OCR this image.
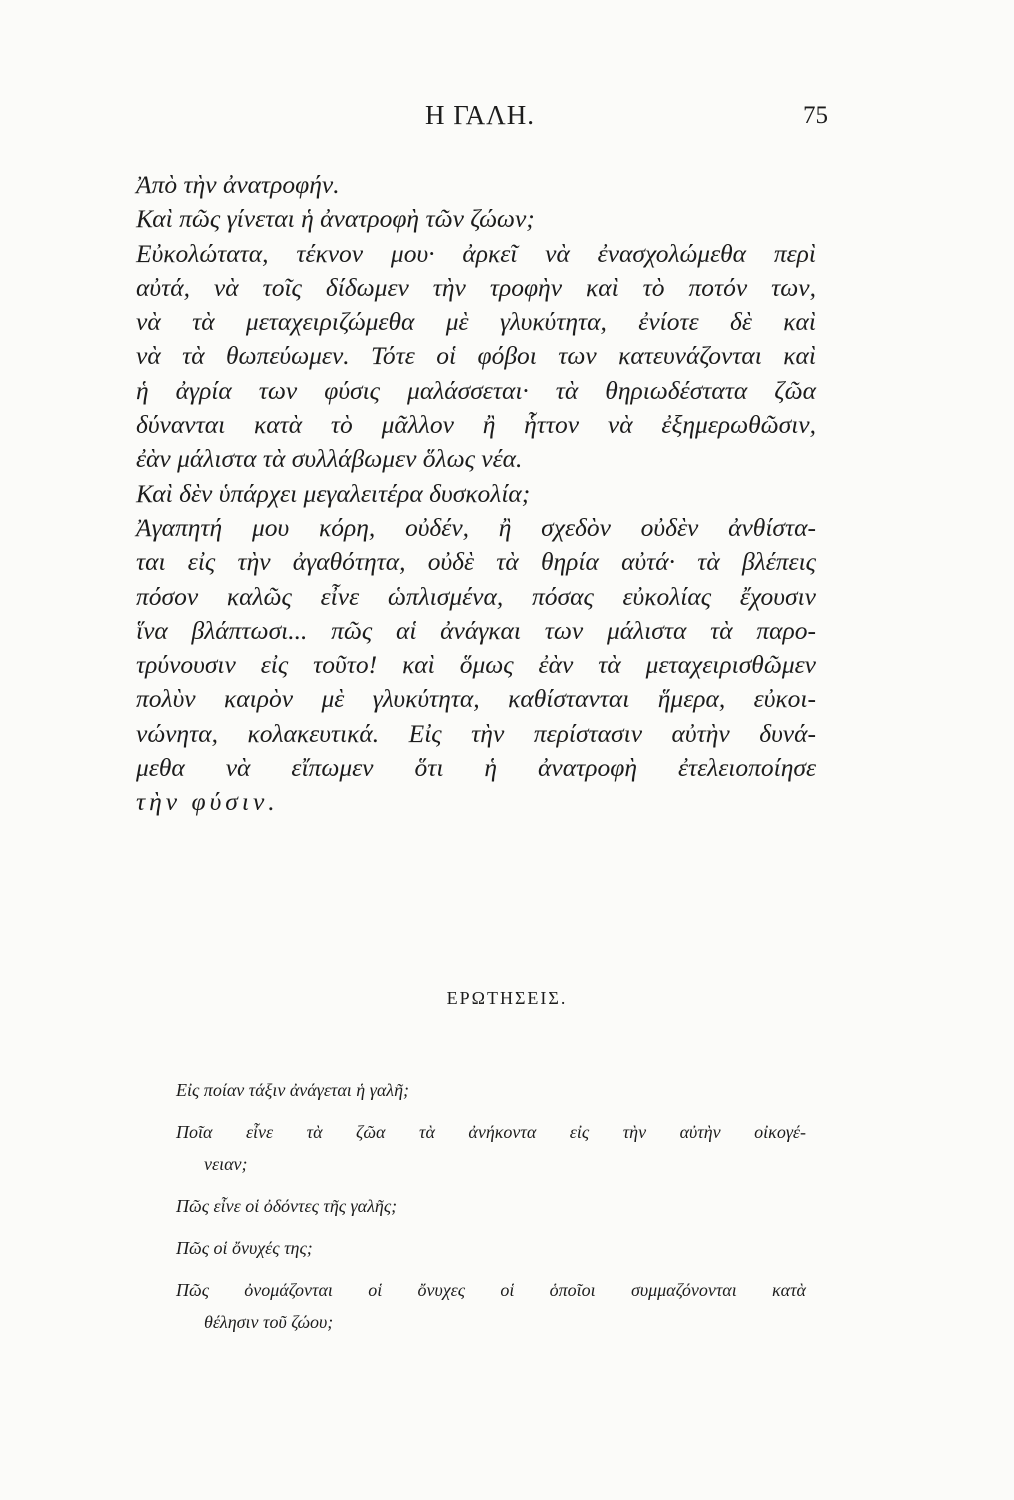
Η ΓΑΛΗ.	75
Ἀπὸ τὴν ἀνατροφήν.
Καὶ πῶς γίνεται ἡ ἀνατροφὴ τῶν ζώων;
Εὐκολώτατα, τέκνον μου· ἀρκεῖ νὰ ἐνασχολώμεθα περὶ
αὐτά, νὰ τοῖς δίδωμεν τὴν τροφὴν καὶ τὸ ποτόν των,
νὰ τὰ μεταχειριζώμεθα μὲ γλυκύτητα, ἐνίοτε δὲ καὶ
νὰ τὰ θωπεύωμεν. Τότε οἱ φόβοι των κατευνάζονται καὶ
ἡ ἀγρία των φύσις μαλάσσεται· τὰ θηριωδέστατα ζῶα
δύνανται κατὰ τὸ μᾶλλον ἢ ἧττον νὰ ἐξημερωθῶσιν,
ἐὰν μάλιστα τὰ συλλάβωμεν ὅλως νέα.
Καὶ δὲν ὑπάρχει μεγαλειτέρα δυσκολία;
Ἀγαπητή μου κόρη, οὐδέν, ἢ σχεδὸν οὐδὲν ἀνθίστα-
ται εἰς τὴν ἀγαθότητα, οὐδὲ τὰ θηρία αὐτά· τὰ βλέπεις
πόσον καλῶς εἶνε ὡπλισμένα, πόσας εὐκολίας ἔχουσιν
ἵνα βλάπτωσι... πῶς αἱ ἀνάγκαι των μάλιστα τὰ παρο-
τρύνουσιν εἰς τοῦτο! καὶ ὅμως ἐὰν τὰ μεταχειρισθῶμεν
πολὺν καιρὸν μὲ γλυκύτητα, καθίστανται ἥμερα, εὐκοι-
νώνητα, κολακευτικά. Εἰς τὴν περίστασιν αὐτὴν δυνά-
μεθα νὰ εἴπωμεν ὅτι ἡ ἀνατροφὴ ἐτελειοποίησε
τὴν φύσιν.
ΕΡΩΤΗΣΕΙΣ.
Εἰς ποίαν τάξιν ἀνάγεται ἡ γαλῆ;
Ποῖα εἶνε τὰ ζῶα τὰ ἀνήκοντα εἰς τὴν αὐτὴν οἰκογέ-
νειαν;
Πῶς εἶνε οἱ ὀδόντες τῆς γαλῆς;
Πῶς οἱ ὄνυχές της;
Πῶς ὀνομάζονται οἱ ὄνυχες οἱ ὁποῖοι συμμαζόνονται κατὰ
θέλησιν τοῦ ζώου;
